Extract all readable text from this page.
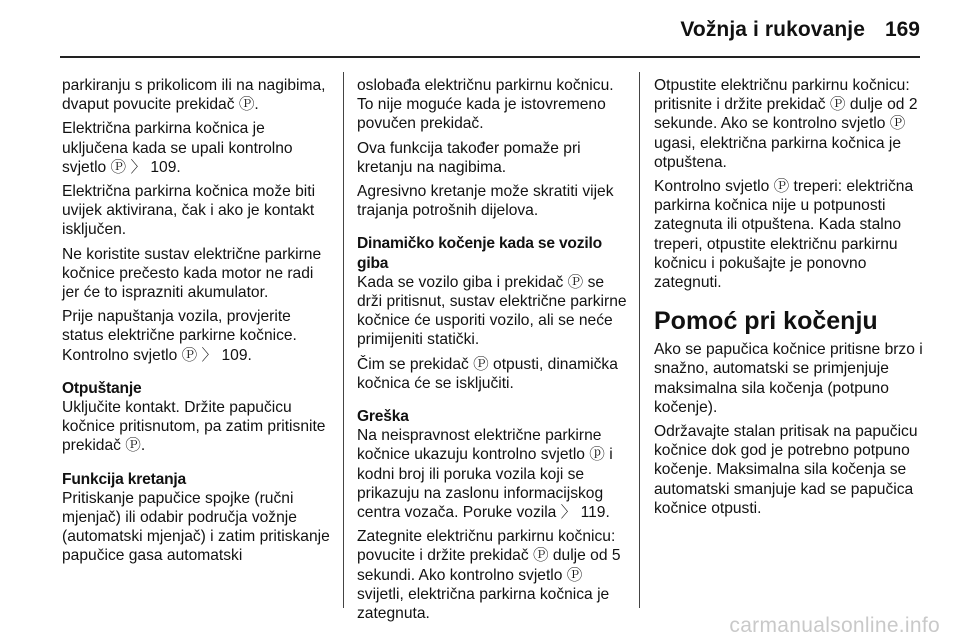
Vožnja i rukovanje 169

parkiranju s prikolicom ili na nagibima, dvaput povucite prekidač Ⓟ.

Električna parkirna kočnica je uključena kada se upali kontrolno svjetlo Ⓟ 〉 109.

Električna parkirna kočnica može biti uvijek aktivirana, čak i ako je kontakt isključen.

Ne koristite sustav električne parkirne kočnice prečesto kada motor ne radi jer će to isprazniti akumulator.

Prije napuštanja vozila, provjerite status električne parkirne kočnice. Kontrolno svjetlo Ⓟ 〉 109.

Otpuštanje

Uključite kontakt. Držite papučicu kočnice pritisnutom, pa zatim pritisnite prekidač Ⓟ.

Funkcija kretanja

Pritiskanje papučice spojke (ručni mjenjač) ili odabir područja vožnje (automatski mjenjač) i zatim pritiskanje papučice gasa automatski

oslobađa električnu parkirnu kočnicu. To nije moguće kada je istovremeno povučen prekidač.

Ova funkcija također pomaže pri kretanju na nagibima.

Agresivno kretanje može skratiti vijek trajanja potrošnih dijelova.

Dinamičko kočenje kada se vozilo giba

Kada se vozilo giba i prekidač Ⓟ se drži pritisnut, sustav električne parkirne kočnice će usporiti vozilo, ali se neće primijeniti statički.

Čim se prekidač Ⓟ otpusti, dinamička kočnica će se isključiti.

Greška

Na neispravnost električne parkirne kočnice ukazuju kontrolno svjetlo ⓟ i kodni broj ili poruka vozila koji se prikazuju na zaslonu informacijskog centra vozača. Poruke vozila 〉 119.

Zategnite električnu parkirnu kočnicu: povucite i držite prekidač Ⓟ dulje od 5 sekundi. Ako kontrolno svjetlo Ⓟ svijetli, električna parkirna kočnica je zategnuta.

Otpustite električnu parkirnu kočnicu: pritisnite i držite prekidač Ⓟ dulje od 2 sekunde. Ako se kontrolno svjetlo Ⓟ ugasi, električna parkirna kočnica je otpuštena.

Kontrolno svjetlo Ⓟ treperi: električna parkirna kočnica nije u potpunosti zategnuta ili otpuštena. Kada stalno treperi, otpustite električnu parkirnu kočnicu i pokušajte je ponovno zategnuti.

Pomoć pri kočenju

Ako se papučica kočnice pritisne brzo i snažno, automatski se primjenjuje maksimalna sila kočenja (potpuno kočenje).

Održavajte stalan pritisak na papučicu kočnice dok god je potrebno potpuno kočenje. Maksimalna sila kočenja se automatski smanjuje kad se papučica kočnice otpusti.

carmanualsonline.info
